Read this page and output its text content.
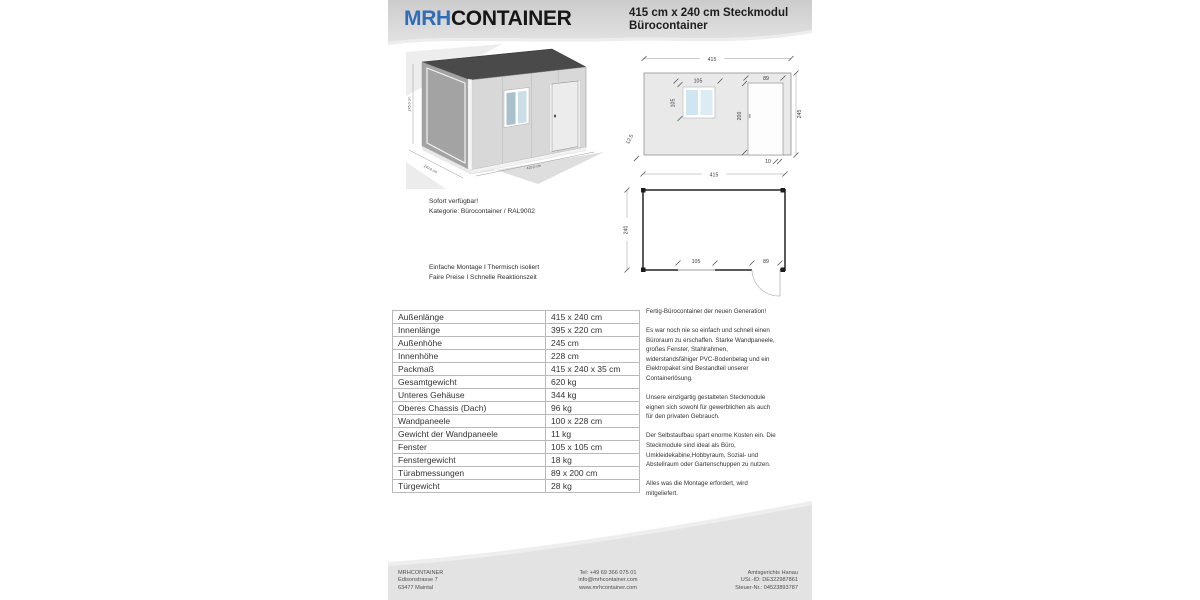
MRHCONTAINER	415 cm x 240 cm Steckmodul
Bürocontainer
245,0 cm
240,0 cm	415,0 cm
Sofort verfügbar!
Kategorie: Bürocontainer / RAL9002
Einfache Montage I Thermisch isoliert
Faire Preise I Schnelle Reaktionszeit
415
105
105
89
200	245
12.5
10
415
240
105	89
Außenlänge	415 x 240 cm
Innenlänge	395 x 220 cm
Außenhöhe	245 cm
Innenhöhe	228 cm
Packmaß	415 x 240 x 35 cm
Gesamtgewicht	620 kg
Unteres Gehäuse	344 kg
Oberes Chassis (Dach)	96 kg
Wandpaneele	100 x 228 cm
Gewicht der Wandpaneele	11 kg
Fenster	105 x 105 cm
Fenstergewicht	18 kg
Türabmessungen	89 x 200 cm
Türgewicht	28 kg

Fertig-Bürocontainer der neuen Generation!

Es war noch nie so einfach und schnell einen Büroraum zu erschaffen. Starke Wandpaneele, großes Fenster, Stahlrahmen, widerstandsfähiger PVC-Bodenbelag und ein Elektropaket sind Bestandteil unserer Containerlösung.

Unsere einzigartig gestalteten Steckmodule eignen sich sowohl für gewerblichen als auch für den privaten Gebrauch.

Der Selbstaufbau spart enorme Kosten ein. Die Steckmodule sind ideal als Büro, Umkleidekabine,Hobbyraum, Sozial- und Abstellraum oder Gartenschuppen zu nutzen.

Alles was die Montage erfordert, wird mitgeliefert.

MRHCONTAINER
Edisonstrasse 7
63477 Maintal
Tel: +49 69 366 075 01
info@mrhcontainer.com
www.mrhcontainer.com
Amtsgerichts Hanau
USt.-ID: DE322987861
Steuer-Nr.: 04523893787
